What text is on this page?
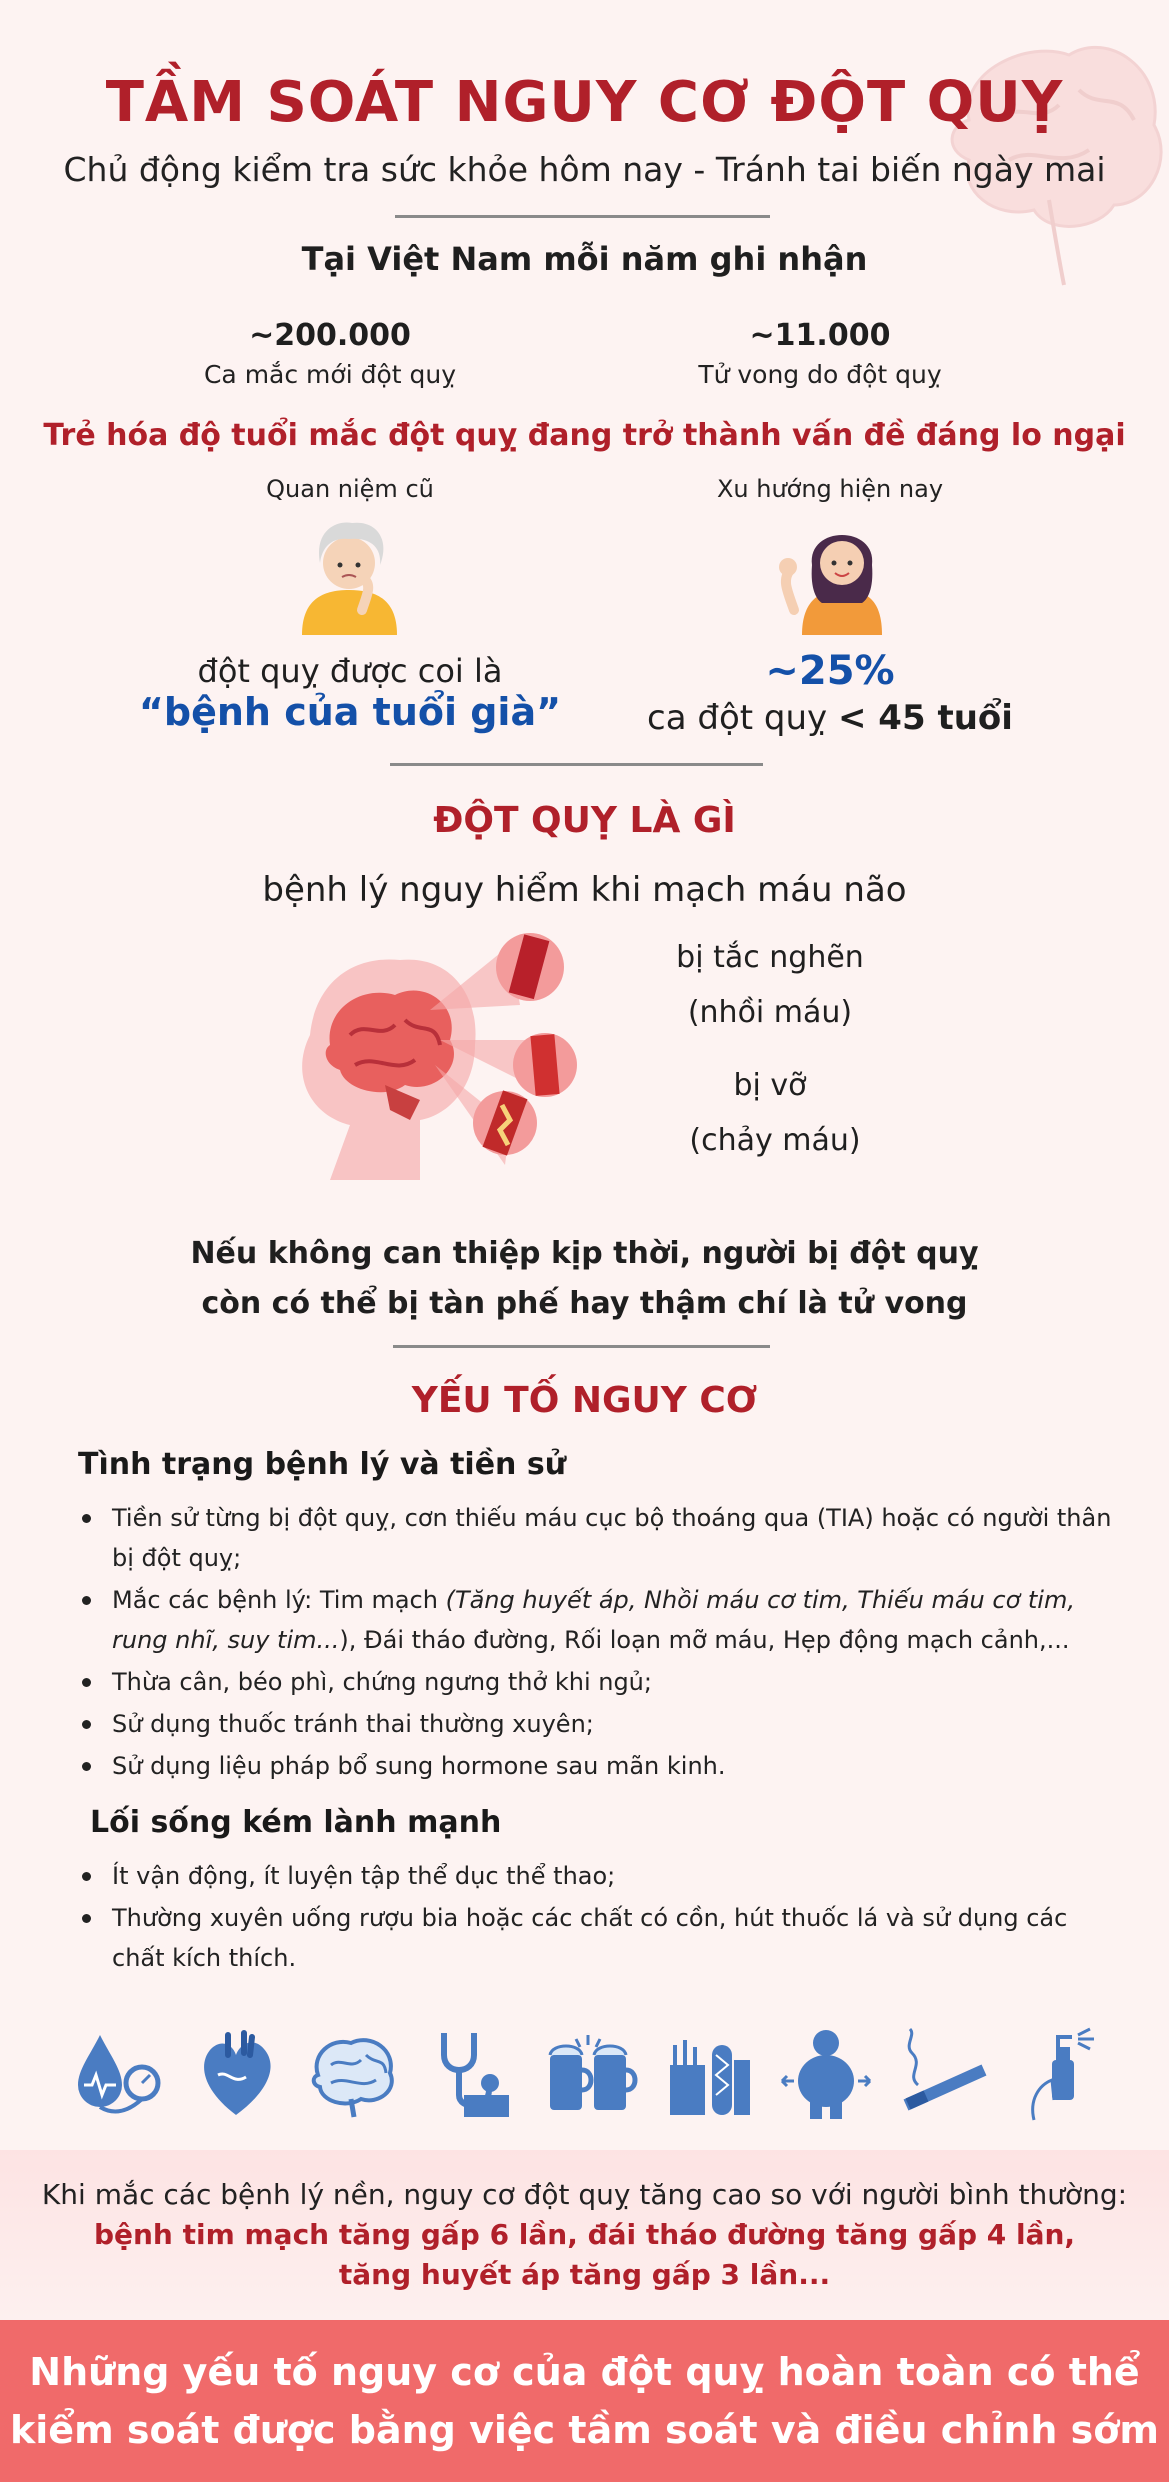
TẦM SOÁT NGUY CƠ ĐỘT QUỴ
Chủ động kiểm tra sức khỏe hôm nay - Tránh tai biến ngày mai
Tại Việt Nam mỗi năm ghi nhận
~200.000
Ca mắc mới đột quỵ
~11.000
Tử vong do đột quỵ
Trẻ hóa độ tuổi mắc đột quỵ đang trở thành vấn đề đáng lo ngại
Quan niệm cũ	Xu hướng hiện nay
đột quỵ được coi là
“bệnh của tuổi già”
~25%
ca đột quỵ < 45 tuổi
ĐỘT QUỴ LÀ GÌ
bệnh lý nguy hiểm khi mạch máu não
bị tắc nghẽn
(nhồi máu)
bị vỡ
(chảy máu)
Nếu không can thiệp kịp thời, người bị đột quỵ
còn có thể bị tàn phế hay thậm chí là tử vong
YẾU TỐ NGUY CƠ
Tình trạng bệnh lý và tiền sử
Tiền sử từng bị đột quỵ, cơn thiếu máu cục bộ thoáng qua (TIA) hoặc có người thân bị đột quỵ;
Mắc các bệnh lý: Tim mạch (Tăng huyết áp, Nhồi máu cơ tim, Thiếu máu cơ tim, rung nhĩ, suy tim...), Đái tháo đường, Rối loạn mỡ máu, Hẹp động mạch cảnh,...
Thừa cân, béo phì, chứng ngưng thở khi ngủ;
Sử dụng thuốc tránh thai thường xuyên;
Sử dụng liệu pháp bổ sung hormone sau mãn kinh.
Lối sống kém lành mạnh
Ít vận động, ít luyện tập thể dục thể thao;
Thường xuyên uống rượu bia hoặc các chất có cồn, hút thuốc lá và sử dụng các chất kích thích.
Khi mắc các bệnh lý nền, nguy cơ đột quỵ tăng cao so với người bình thường:
bệnh tim mạch tăng gấp 6 lần, đái tháo đường tăng gấp 4 lần,
tăng huyết áp tăng gấp 3 lần...
Những yếu tố nguy cơ của đột quỵ hoàn toàn có thể
kiểm soát được bằng việc tầm soát và điều chỉnh sớm
